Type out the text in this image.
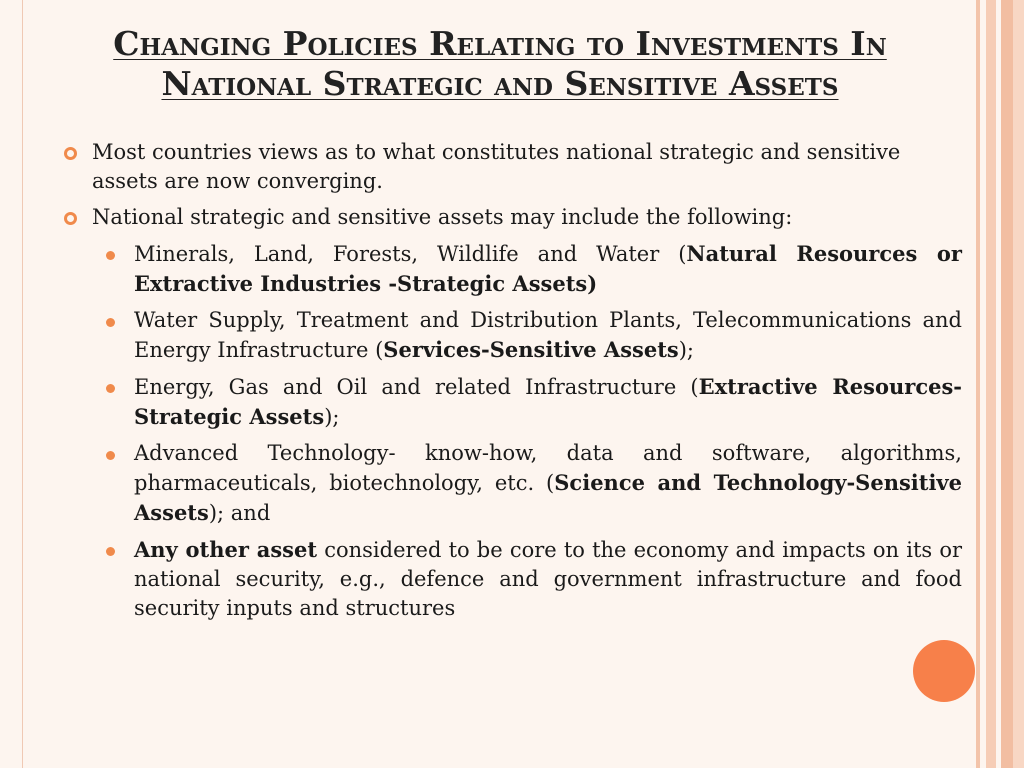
Changing Policies Relating to Investments In
National Strategic and Sensitive Assets
Most countries views as to what constitutes national strategic and sensitive assets are now converging.
National strategic and sensitive assets may include the following:
Minerals, Land, Forests, Wildlife and Water (Natural Resources or Extractive Industries -Strategic Assets)
Water Supply, Treatment and Distribution Plants, Telecommunications and Energy Infrastructure (Services-Sensitive Assets);
Energy, Gas and Oil and related Infrastructure (Extractive Resources- Strategic Assets);
Advanced Technology- know-how, data and software, algorithms, pharmaceuticals, biotechnology, etc. (Science and Technology-Sensitive Assets); and
Any other asset considered to be core to the economy and impacts on its or national security, e.g., defence and government infrastructure and food security inputs and structures
